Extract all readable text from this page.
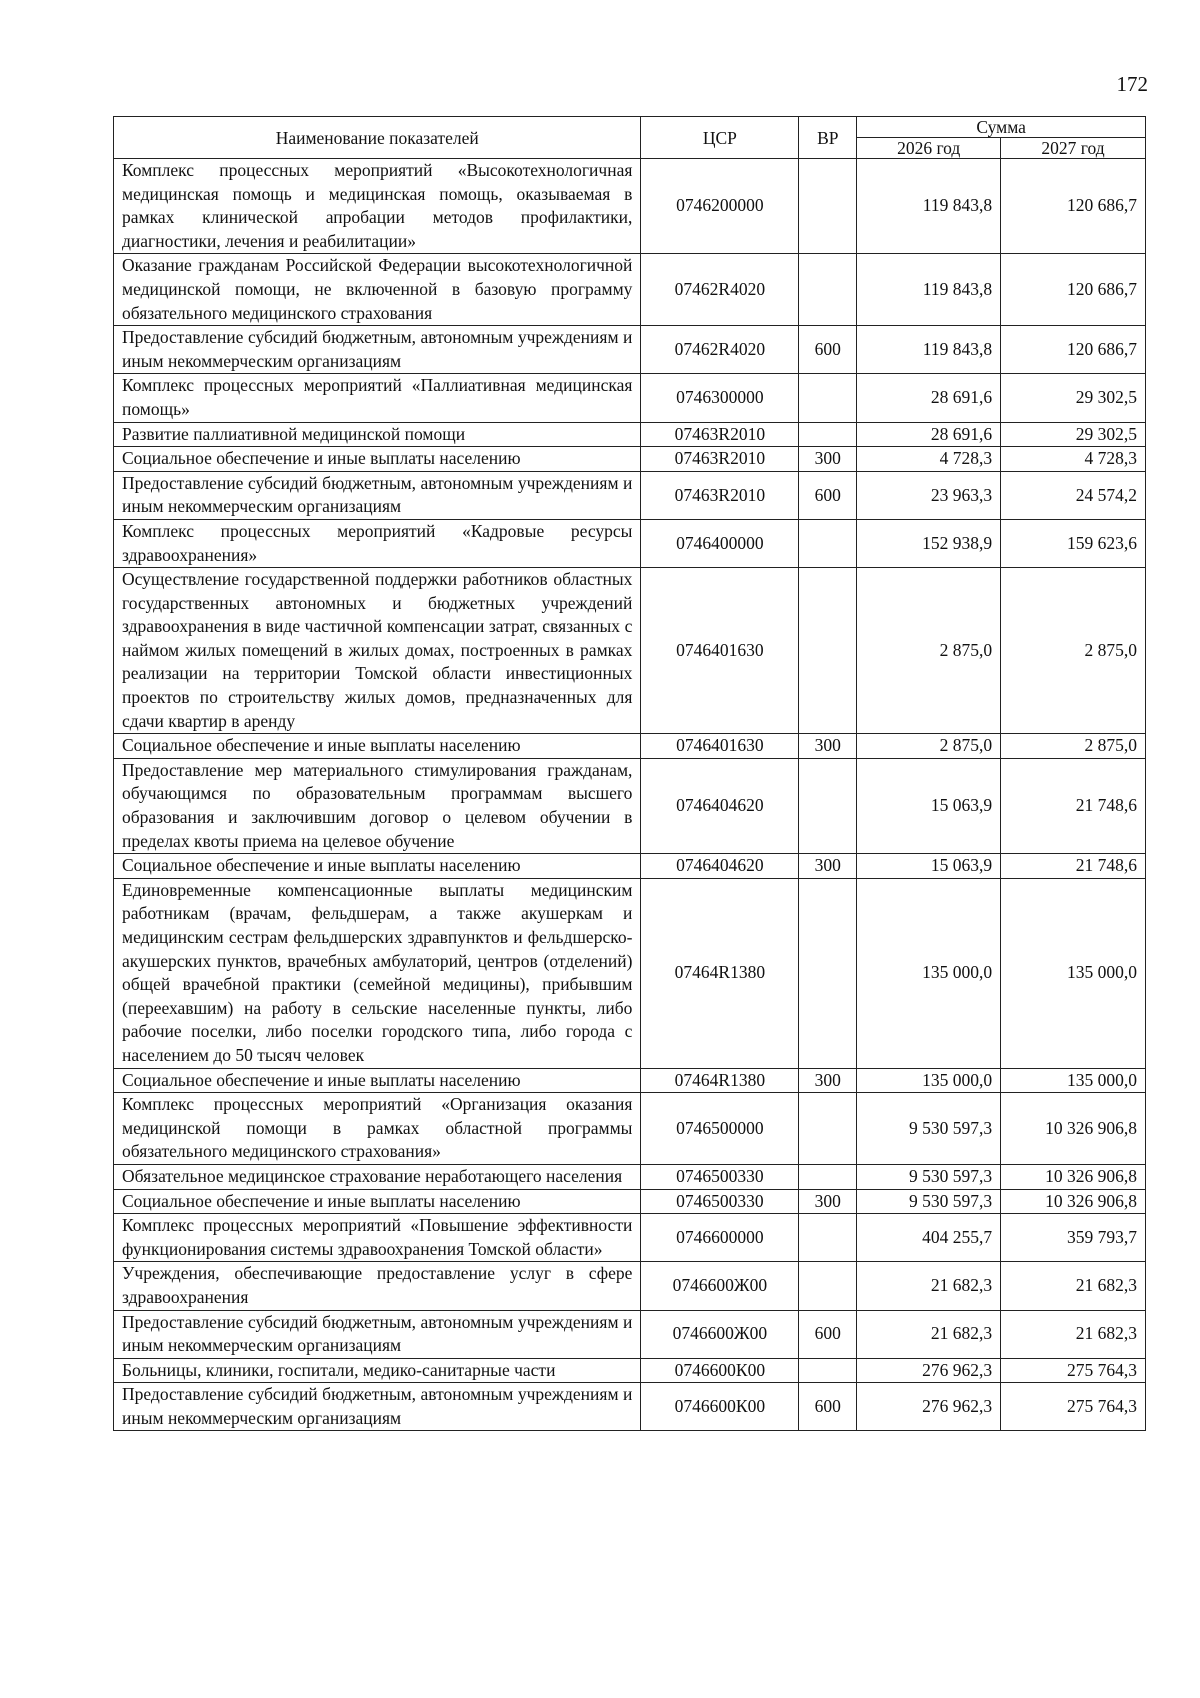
172
Наименование показателей	ЦСР	ВР	Сумма	
			2026 год	2027 год

Комплекс процессных мероприятий «Высокотехнологичная медицинская помощь и медицинская помощь, оказываемая в рамках клинической апробации методов профилактики, диагностики, лечения и реабилитации»	0746200000		119 843,8	120 686,7

Оказание гражданам Российской Федерации высокотехнологичной медицинской помощи, не включенной в базовую программу обязательного медицинского страхования	07462R4020		119 843,8	120 686,7

Предоставление субсидий бюджетным, автономным учреждениям и иным некоммерческим организациям	07462R4020	600	119 843,8	120 686,7

Комплекс процессных мероприятий «Паллиативная медицинская помощь»	0746300000		28 691,6	29 302,5

Развитие паллиативной медицинской помощи	07463R2010		28 691,6	29 302,5

Социальное обеспечение и иные выплаты населению	07463R2010	300	4 728,3	4 728,3

Предоставление субсидий бюджетным, автономным учреждениям и иным некоммерческим организациям	07463R2010	600	23 963,3	24 574,2

Комплекс процессных мероприятий «Кадровые ресурсы здравоохранения»	0746400000		152 938,9	159 623,6

Осуществление государственной поддержки работников областных государственных автономных и бюджетных учреждений здравоохранения в виде частичной компенсации затрат, связанных с наймом жилых помещений в жилых домах, построенных в рамках реализации на территории Томской области инвестиционных проектов по строительству жилых домов, предназначенных для сдачи квартир в аренду	0746401630		2 875,0	2 875,0

Социальное обеспечение и иные выплаты населению	0746401630	300	2 875,0	2 875,0

Предоставление мер материального стимулирования гражданам, обучающимся по образовательным программам высшего образования и заключившим договор о целевом обучении в пределах квоты приема на целевое обучение	0746404620		15 063,9	21 748,6

Социальное обеспечение и иные выплаты населению	0746404620	300	15 063,9	21 748,6

Единовременные компенсационные выплаты медицинским работникам (врачам, фельдшерам, а также акушеркам и медицинским сестрам фельдшерских здравпунктов и фельдшерско-акушерских пунктов, врачебных амбулаторий, центров (отделений) общей врачебной практики (семейной медицины), прибывшим (переехавшим) на работу в сельские населенные пункты, либо рабочие поселки, либо поселки городского типа, либо города с населением до 50 тысяч человек	07464R1380		135 000,0	135 000,0

Социальное обеспечение и иные выплаты населению	07464R1380	300	135 000,0	135 000,0

Комплекс процессных мероприятий «Организация оказания медицинской помощи в рамках областной программы обязательного медицинского страхования»	0746500000		9 530 597,3	10 326 906,8

Обязательное медицинское страхование неработающего населения	0746500330		9 530 597,3	10 326 906,8

Социальное обеспечение и иные выплаты населению	0746500330	300	9 530 597,3	10 326 906,8

Комплекс процессных мероприятий «Повышение эффективности функционирования системы здравоохранения Томской области»	0746600000		404 255,7	359 793,7

Учреждения, обеспечивающие предоставление услуг в сфере здравоохранения	0746600Ж00		21 682,3	21 682,3

Предоставление субсидий бюджетным, автономным учреждениям и иным некоммерческим организациям	0746600Ж00	600	21 682,3	21 682,3

Больницы, клиники, госпитали, медико-санитарные части	0746600К00		276 962,3	275 764,3

Предоставление субсидий бюджетным, автономным учреждениям и иным некоммерческим организациям	0746600К00	600	276 962,3	275 764,3
